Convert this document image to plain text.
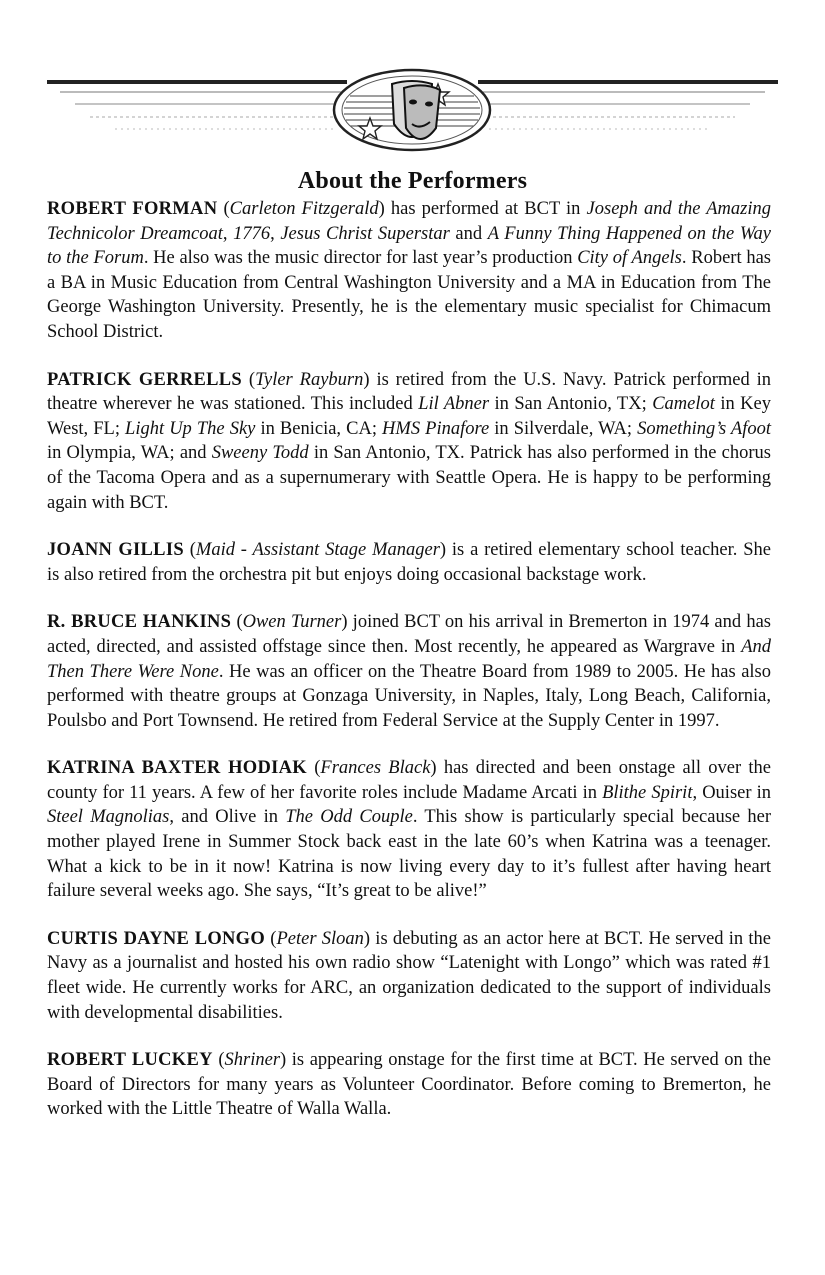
About the Performers

ROBERT FORMAN (Carleton Fitzgerald) has performed at BCT in Joseph and the Amazing Technicolor Dreamcoat, 1776, Jesus Christ Superstar and A Funny Thing Happened on the Way to the Forum. He also was the music director for last year’s production City of Angels. Robert has a BA in Music Education from Central Washington University and a MA in Education from The George Washington University. Presently, he is the elementary music specialist for Chimacum School District.

PATRICK GERRELLS (Tyler Rayburn) is retired from the U.S. Navy. Patrick performed in theatre wherever he was stationed. This included Lil Abner in San Antonio, TX; Camelot in Key West, FL; Light Up The Sky in Benicia, CA; HMS Pinafore in Silverdale, WA; Something’s Afoot in Olympia, WA; and Sweeny Todd in San Antonio, TX. Patrick has also performed in the chorus of the Tacoma Opera and as a supernumerary with Seattle Opera. He is happy to be performing again with BCT.

JOANN GILLIS (Maid - Assistant Stage Manager) is a retired elementary school teacher. She is also retired from the orchestra pit but enjoys doing occasional backstage work.

R. BRUCE HANKINS (Owen Turner) joined BCT on his arrival in Bremerton in 1974 and has acted, directed, and assisted offstage since then. Most recently, he appeared as Wargrave in And Then There Were None. He was an officer on the Theatre Board from 1989 to 2005. He has also performed with theatre groups at Gonzaga University, in Naples, Italy, Long Beach, California, Poulsbo and Port Townsend. He retired from Federal Service at the Supply Center in 1997.

KATRINA BAXTER HODIAK (Frances Black) has directed and been onstage all over the county for 11 years. A few of her favorite roles include Madame Arcati in Blithe Spirit, Ouiser in Steel Magnolias, and Olive in The Odd Couple. This show is particularly special because her mother played Irene in Summer Stock back east in the late 60’s when Katrina was a teenager. What a kick to be in it now! Katrina is now living every day to it’s fullest after having heart failure several weeks ago. She says, “It’s great to be alive!”

CURTIS DAYNE LONGO (Peter Sloan) is debuting as an actor here at BCT. He served in the Navy as a journalist and hosted his own radio show “Latenight with Longo” which was rated #1 fleet wide. He currently works for ARC, an organization dedicated to the support of individuals with developmental disabilities.

ROBERT LUCKEY (Shriner) is appearing onstage for the first time at BCT. He served on the Board of Directors for many years as Volunteer Coordinator. Before coming to Bremerton, he worked with the Little Theatre of Walla Walla.
